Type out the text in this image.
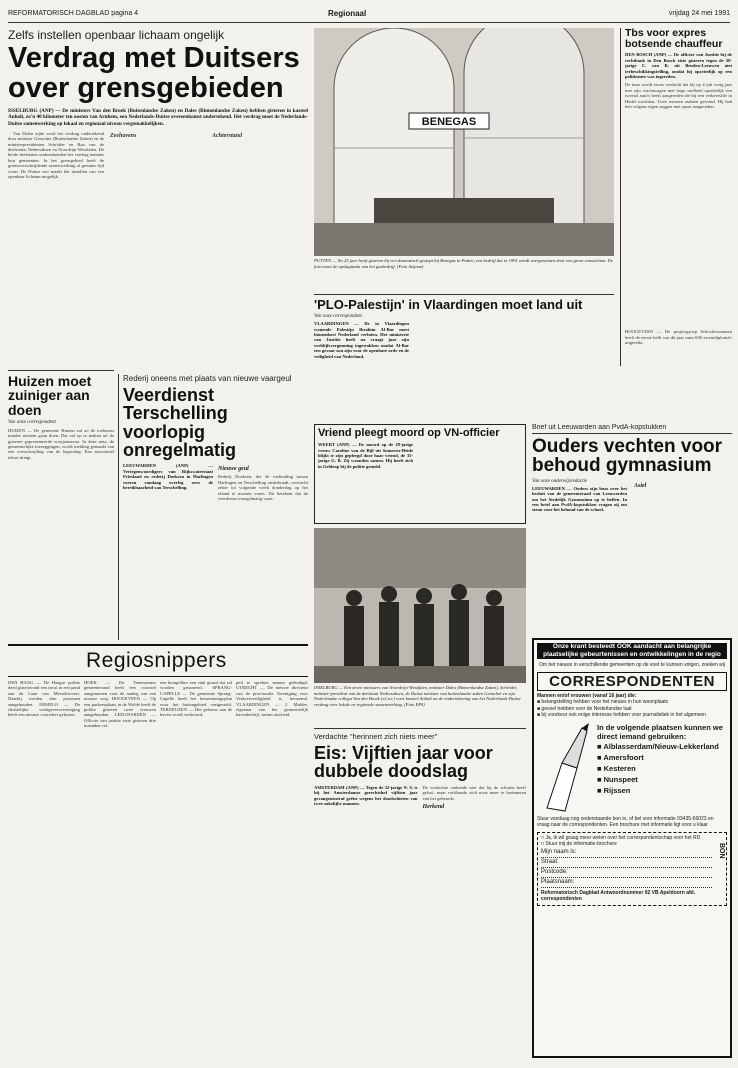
REFORMATORISCH DAGBLAD pagina 4	Regionaal	vrijdag 24 mei 1991
Zelfs instellen openbaar lichaam ongelijk
Verdrag met Duitsers over grensgebieden
ISSELBURG (ANP) — De ministers Van den Broek (Buitenlandse Zaken) en Dales (Binnenlandse Zaken) hebben gisteren in kasteel Anholt, zo'n 40 kilometer ten oosten van Arnhem, een Nederlands-Duitse overeenkomst ondertekend. Het verdrag moet de Nederlands-Duitse samenwerking op lokaal en regionaal niveau vergemakkelijken.

Van Dalen zijde werd het verdrag ondertekend door minister Genscher (Buitenlandse Zaken) en de ministerpresidenten Schröder en Rau van de deelstaten Nedersaksen en Noordrijn-Westfalen. De beide deelstaten ondertekenden het verdrag namens hun gemeenten. In het grensgebied heeft de grensoverschrijdende samenwerking al geruime tijd vorm. De Duitse wet maakt het instellen van een openbaar lichaam mogelijk.

Zeehavens	Achterstand
BENEGAS
PUTTEN — Na 25 jaar heeft gisteren bij een dramatisch gestopt bij Benegas in Putten, een bedrijf dat in 1991 wordt overgenomen door een groot consortium. De foto toont de opslagtanks van het gasbedrijf. (Foto Azijnaz)
Tbs voor expres botsende chauffeur
DEN BOSCH (ANP) — De officier van Justitie bij de rechtbank in Den Bosch eiste gisteren tegen de 28-jarige C. van R. uit Beuden-Leeuwen niet terbeschikkingstelling, omdat hij opzettelijk op een politieauto was ingereden.
De man wordt ervan verdacht dat hij op 4 juli vorig jaar met zijn vrachtwagen met hoge snelheid opzettelijk een tweetal auto's heeft aangereden die bij een verkeersfile in Hedel wachtten. Twee mensen raakten gewond. Hij had hen volgens eigen zeggen met opzet aangereden.
HOOGEVEEN — De projectgroep Schoolzwemmen heeft de eerste helft van dit jaar ruim 600 zwemdiploma's uitgereikt.
'PLO-Palestijn' in Vlaardingen moet land uit
Van onze correspondent
VLAARDINGEN — De in Vlaardingen wonende Palestijn Ibrahim Al-Bar moet binnenkort Nederland verlaten. Het ministerie van Justitie heeft na vraagt jaar zijn verblijfsvergunning ingetrokken omdat Al-Bar een gevaar zou zijn voor de openbare orde en de veiligheid van Nederland.
Huizen moet zuiniger aan doen
Van onze correspondent
HUIZEN — De gemeente Huizen zal zo de toekomst minder moeten gaan doen. Dat zal op te maken uit de gisteren gepresenteerde voorjaarsnota. In deze nota, de gemeentelijke toezeggingen, wordt melding gemaakt van een overschrijding van de begroting. Een structureel tekort dreigt.
Rederij oneens met plaats van nieuwe vaargeul
Veerdienst Terschelling voorlopig onregelmatig
LEEUWARDEN (ANP) — Vertegenwoordigers van Rijkswaterstaat Friesland en rederij Doeksen in Harlingen voeren vandaag overleg over de bereikbaarheid van Terschelling.
Nieuwe geul
Rederij Doeksen, die de verbinding tussen Harlingen en Terschelling onderhoudt, verwacht zeker tot volgende week donderdag op het eiland te moeten varen. Dit betekent dat de veerdienst onregelmatig vaart.
Vriend pleegt moord op VN-officier
WEERT (ANP) — De moord op de 28-jarige vrouw Caroline van de Bijl uit Someren-Heide blijkt te zijn gepleegd door haar vriend, de 35-jarige G. B. Zij woonden samen. Hij heeft zich in Geldrop bij de politie gemeld.
ISSELBURG — Een zeven ministers van Noordrijn-Westfalen, minister Dales (Binnenlandse Zaken), Schröder, minister-president van de deelstaat Nedersaksen, de Duitse minister van buitenlandse zaken Genscher en zijn Nederlandse collega Van den Broek (v.l.n.r.) voor kasteel Anholt na de ondertekening van het Nederlands-Duitse verdrag over lokale en regionale samenwerking. (Foto EPA)
Brief uit Leeuwarden aan PvdA-kopstukken
Ouders vechten voor behoud gymnasium
Van onze onderwijsredactie
LEEUWARDEN — Ouders zijn boos over het besluit van de gemeenteraad van Leeuwarden om het Stedelijk Gymnasium op te heffen. In een brief aan PvdA-kopstukken vragen zij om steun voor het behoud van de school.
Asiel
Regiosnippers
DEN HAAG — De Haagse politie deed gisteravond een inval in een pand aan de Laan van Meerdervoort. Daarbij werden drie personen aangehouden. ERMELO — De christelijke werkgeversvereniging heeft een nieuwe voorzitter gekozen.
HOEK — De Terneuzense gemeenteraad heeft een voorstel aangenomen voor de aanleg van een nieuwe weg. HOOGEVEEN — Op een parkeerplaats in de Wolde heeft de politie gisteren twee vrouwen aangehouden. LEEUWARDEN — Officier van justitie eiste gisteren drie maanden cel.
een kreupelbos een stuk grond dat zal worden gesaneerd. SPRANG-CAPELLE — De gemeente Sprang-Capelle heeft het bestemmingsplan voor het buitengebied vastgesteld. TERNEUZEN — Het gebouw aan de haven wordt verbouwd.
peil te spreken nemen geëindigd. UTRECHT — De nieuwe directeur van de provinciale Vereniging voor Verkeersveiligheid is benoemd. VLAARDINGEN — J. Mulder, eigenaar van het gemeentelijk havenbedrijf, neemt afscheid.
Verdachte "herinnert zich niets meer"
Eis: Vijftien jaar voor dubbele doodslag
AMSTERDAM (ANP) — Tegen de 32-jarige N. S. is bij het Amsterdamse gerechtshof vijftien jaar gevangenisstraf geëist wegens het doodschieten van twee zakelijke mannen.
De verdachte ontkende niet dat hij de schoten heeft gelost, maar verklaarde zich niets meer te herinneren van het gebeurde.
Herkend
Onze krant besteedt OOK aandacht aan belangrijke plaatselijke gebeurtenissen en ontwikkelingen in de regio
Om het nieuws in verschillende gemeenten op de voet te kunnen volgen, zoeken wij
CORRESPONDENTEN
Mannen en/of vrouwen (vanaf 16 jaar) die:
■ belangstelling hebben voor het nieuws in hun woonplaats
■ gevoel hebben voor de Nederlandse taal
■ bij voorkeur ook enige interesse hebben voor journalistiek in het algemeen
In de volgende plaatsen kunnen we direct iemand gebruiken:
■ Alblasserdam/Nieuw-Lekkerland
■ Amersfoort
■ Kesteren
■ Nunspeet
■ Rijssen
Stuur vandaag nog onderstaande bon in, of bel voor informatie 03435-66023 en vraag naar de correspondenten. Een brochure met informatie ligt voor u klaar
□ Ja, ik wil graag meer weten over het correspondentschap voor het RD
□ Stuur mij de informatie-brochure
Mijn naam is:
Straat:
Postcode:
Plaatsnaam:
Reformatorisch Dagblad Antwoordnummer 92 VB Apeldoorn afd. correspondenten
BON
